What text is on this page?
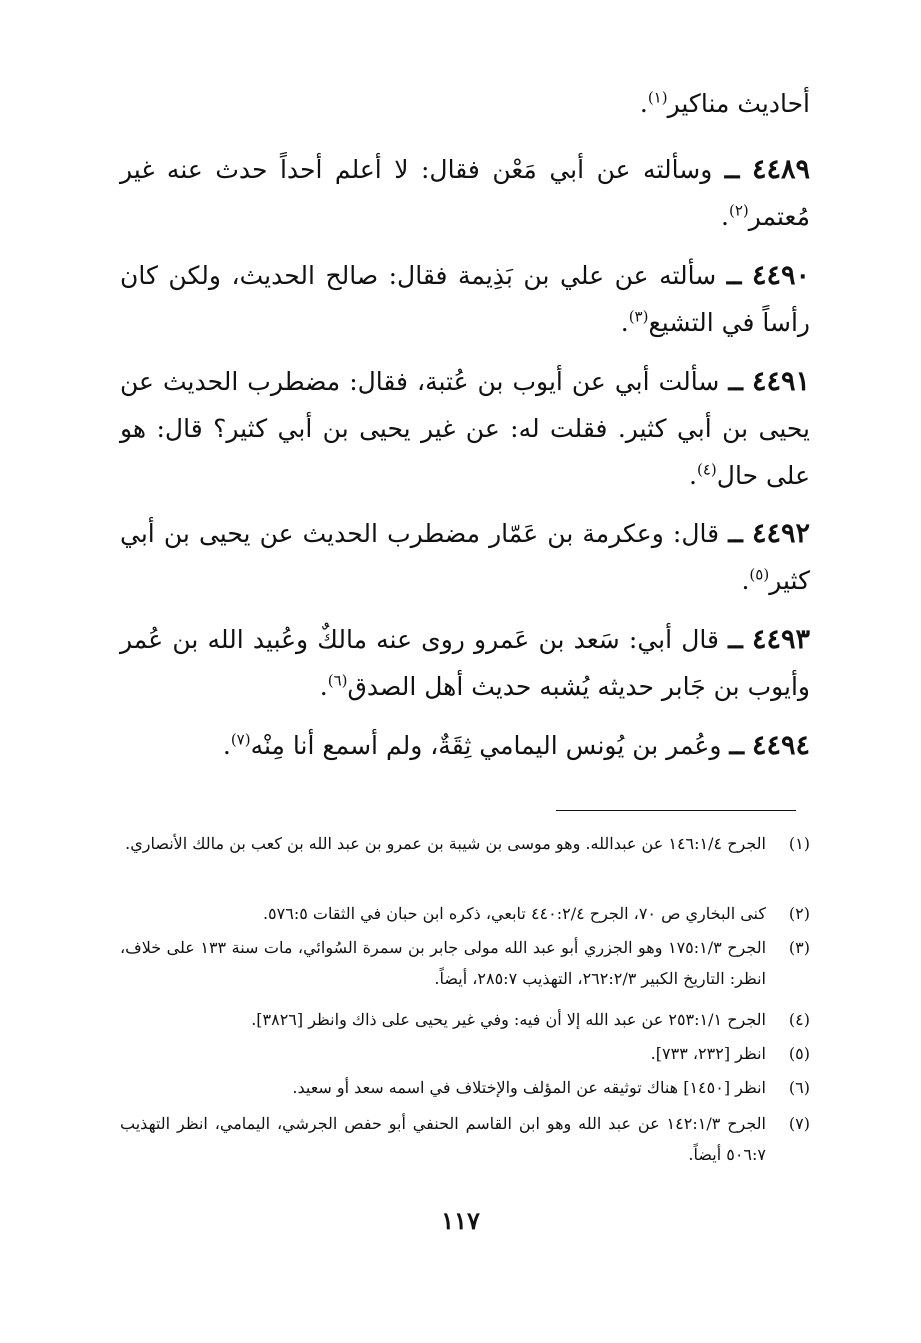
أحاديث مناكير$^{(١)}$.
٤٤٨٩ ــ وسألته عن أبي مَعْن فقال: لا أعلم أحداً حدث عنه غير مُعتمر$^{(٢)}$.
٤٤٩٠ ــ سألته عن علي بن بَذِيمة فقال: صالح الحديث، ولكن كان رأساً في التشيع$^{(٣)}$.
٤٤٩١ ــ سألت أبي عن أيوب بن عُتبة، فقال: مضطرب الحديث عن يحيى بن أبي كثير. فقلت له: عن غير يحيى بن أبي كثير؟ قال: هو على حال$^{(٤)}$.
٤٤٩٢ ــ قال: وعكرمة بن عَمّار مضطرب الحديث عن يحيى بن أبي كثير$^{(٥)}$.
٤٤٩٣ ــ قال أبي: سَعد بن عَمرو روى عنه مالكٌ وعُبيد الله بن عُمر وأيوب بن جَابر حديثه يُشبه حديث أهل الصدق$^{(٦)}$.
٤٤٩٤ ــ وعُمر بن يُونس اليمامي ثِقَةٌ، ولم أسمع أنا مِنْه$^{(٧)}$.
(١)
الجرح ١٤٦:١/٤ عن عبدالله. وهو موسى بن شيبة بن عمرو بن عبد الله بن كعب بن مالك الأنصاري.
(٢)
كنى البخاري ص ٧٠، الجرح ٤٤٠:٢/٤ تابعي، ذكره ابن حبان في الثقات ٥٧٦:٥.
(٣)
الجرح ١٧٥:١/٣ وهو الجزري أبو عبد الله مولى جابر بن سمرة السُوائي، مات سنة ١٣٣ على خلاف، انظر: التاريخ الكبير ٢٦٢:٢/٣، التهذيب ٢٨٥:٧، أيضاً.
(٤)
الجرح ٢٥٣:١/١ عن عبد الله إلا أن فيه: وفي غير يحيى على ذاك وانظر [٣٨٢٦].
(٥)
انظر [٢٣٢، ٧٣٣].
(٦)
انظر [١٤٥٠] هناك توثيقه عن المؤلف والإختلاف في اسمه سعد أو سعيد.
(٧)
الجرح ١٤٢:١/٣ عن عبد الله وهو ابن القاسم الحنفي أبو حفص الجرشي، اليمامي، انظر التهذيب ٥٠٦:٧ أيضاً.
١١٧
